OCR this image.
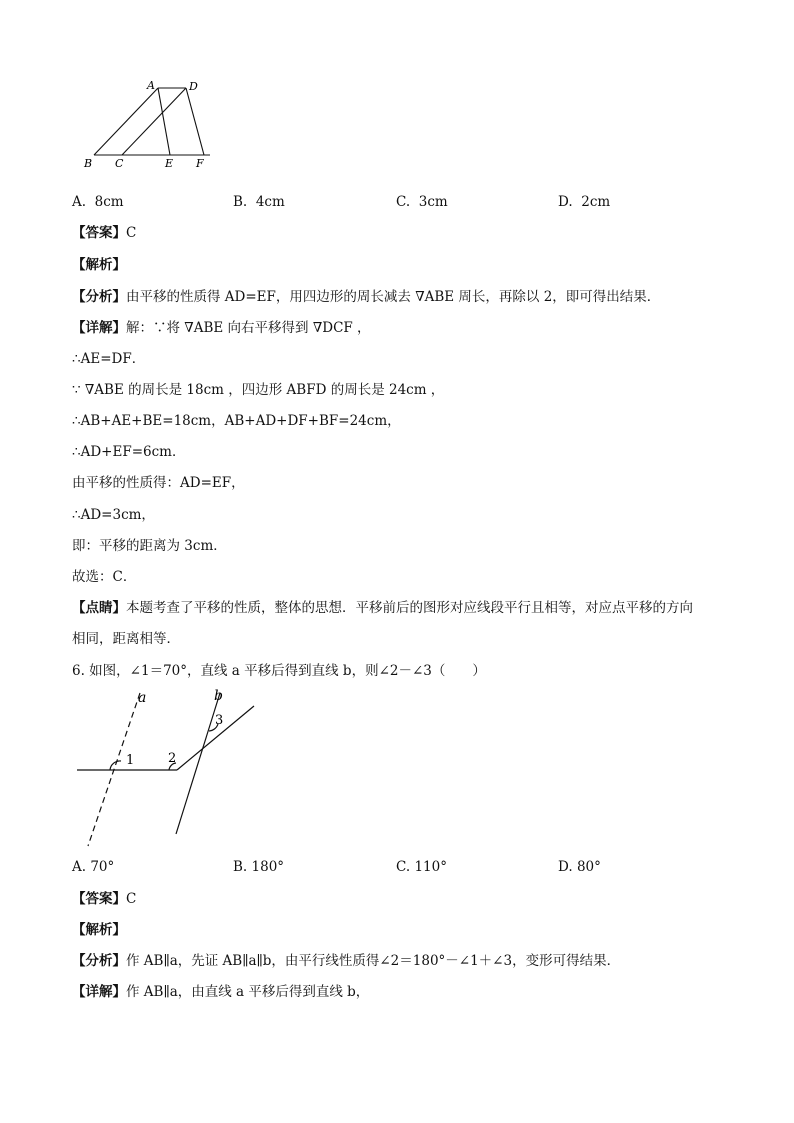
A	D
B C	E F
A. 8cm	B. 4cm	C. 3cm	D. 2cm
【答案】C
【解析】
【分析】由平移的性质得 AD=EF，用四边形的周长减去 ∇ABE 周长，再除以 2，即可得出结果．
【详解】解：∵将 ∇ABE 向右平移得到 ∇DCF ，
∴AE=DF．
∵ ∇ABE 的周长是 18cm ，四边形 ABFD 的周长是 24cm ，
∴AB+AE+BE=18cm，AB+AD+DF+BF=24cm，
∴AD+EF=6cm．
由平移的性质得：AD=EF，
∴AD=3cm，
即：平移的距离为 3cm．
故选：C．
【点睛】本题考查了平移的性质，整体的思想．平移前后的图形对应线段平行且相等，对应点平移的方向
相同，距离相等．
6. 如图，∠1＝70°，直线 a 平移后得到直线 b，则∠2－∠3（　　）
a	b
1	2
3
A. 70°	B. 180°	C. 110°	D. 80°
【答案】C
【解析】
【分析】作 AB∥a，先证 AB∥a∥b，由平行线性质得∠2＝180°－∠1＋∠3，变形可得结果．
【详解】作 AB∥a，由直线 a 平移后得到直线 b，
